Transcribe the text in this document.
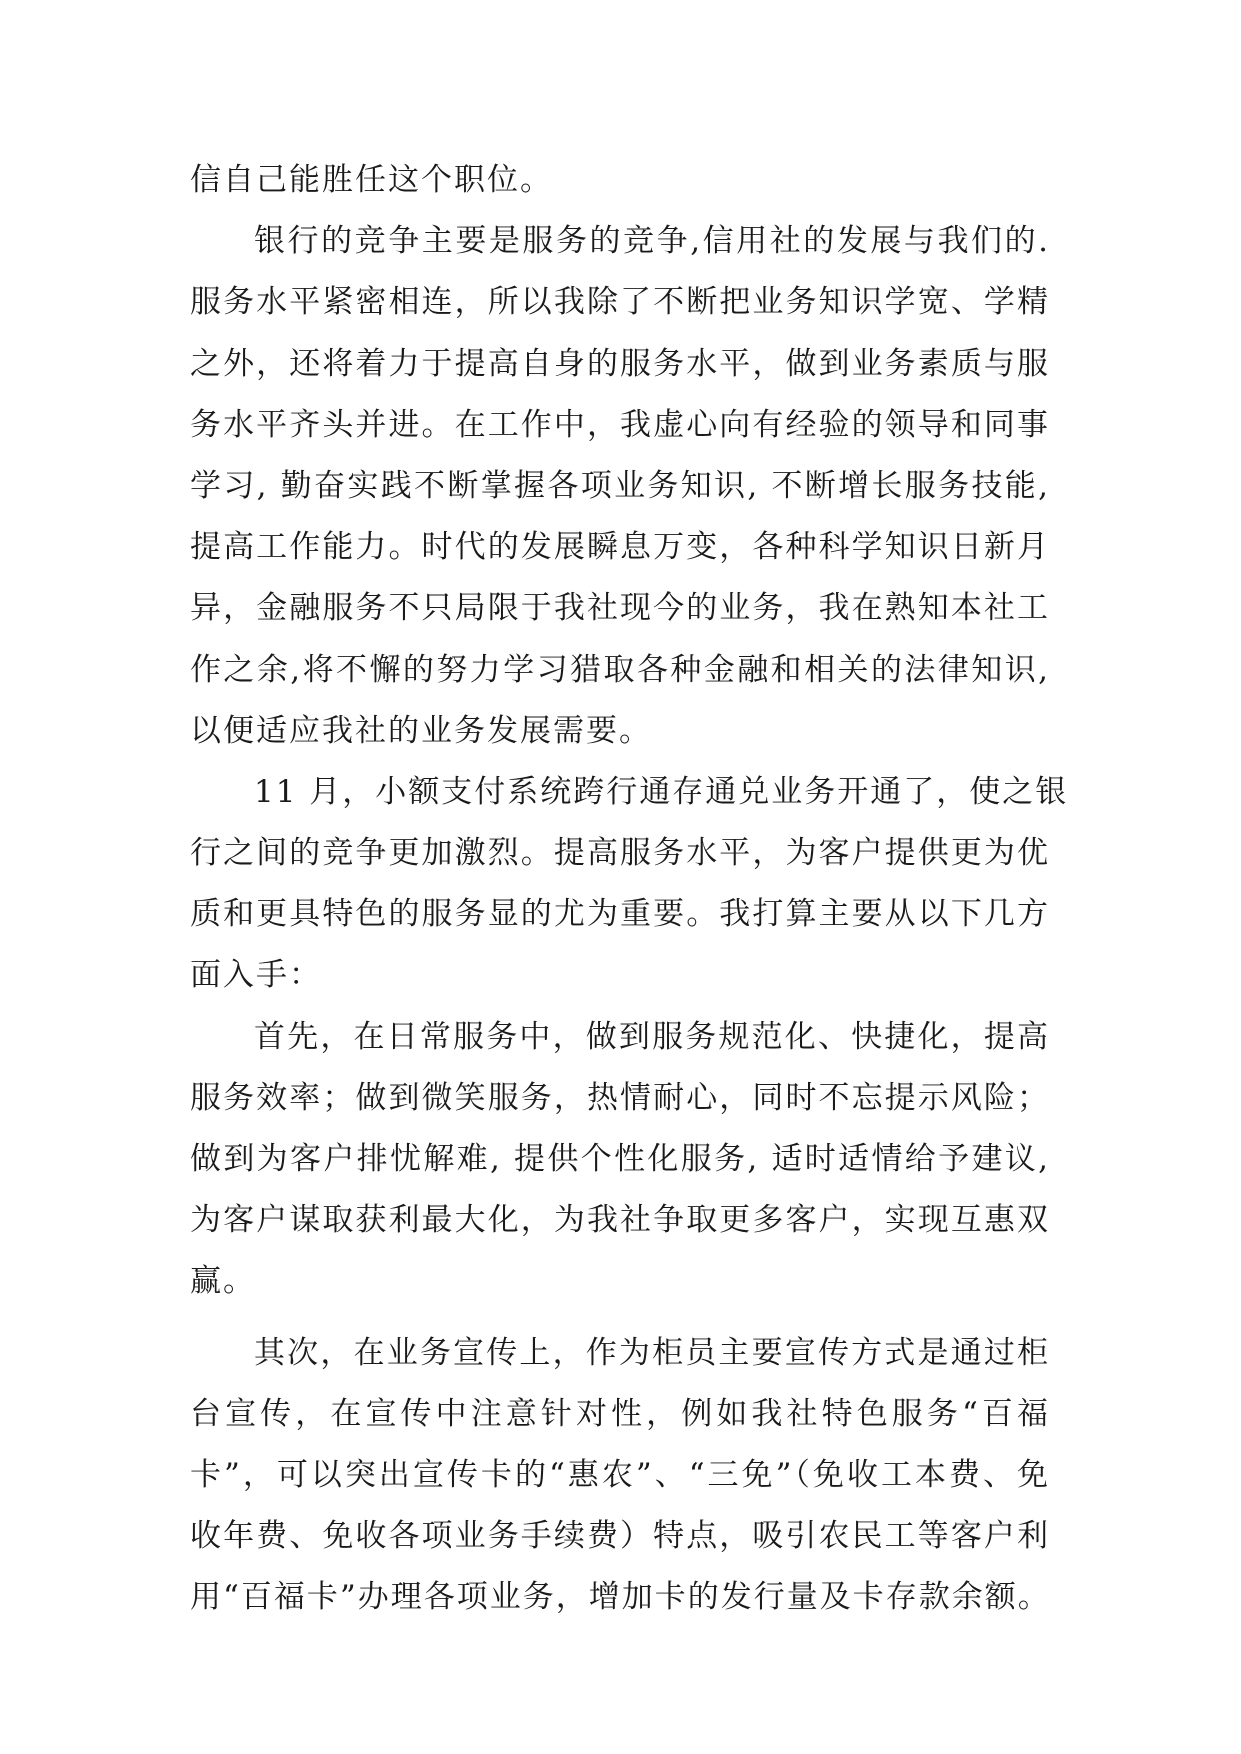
信自己能胜任这个职位。
银行的竞争主要是服务的竞争,信用社的发展与我们的.
服务水平紧密相连，所以我除了不断把业务知识学宽、学精
之外，还将着力于提高自身的服务水平，做到业务素质与服
务水平齐头并进。在工作中，我虚心向有经验的领导和同事
学习, 勤奋实践不断掌握各项业务知识, 不断增长服务技能,
提高工作能力。时代的发展瞬息万变，各种科学知识日新月
异，金融服务不只局限于我社现今的业务，我在熟知本社工
作之余,将不懈的努力学习猎取各种金融和相关的法律知识,
以便适应我社的业务发展需要。
11 月，小额支付系统跨行通存通兑业务开通了，使之银
行之间的竞争更加激烈。提高服务水平，为客户提供更为优
质和更具特色的服务显的尤为重要。我打算主要从以下几方
面入手：
首先，在日常服务中，做到服务规范化、快捷化，提高
服务效率；做到微笑服务，热情耐心，同时不忘提示风险；
做到为客户排忧解难, 提供个性化服务, 适时适情给予建议,
为客户谋取获利最大化，为我社争取更多客户，实现互惠双
赢。
其次，在业务宣传上，作为柜员主要宣传方式是通过柜
台宣传，在宣传中注意针对性，例如我社特色服务“百福
卡”，可以突出宣传卡的“惠农”、“三免”（免收工本费、免
收年费、免收各项业务手续费）特点，吸引农民工等客户利
用“百福卡”办理各项业务，增加卡的发行量及卡存款余额。
